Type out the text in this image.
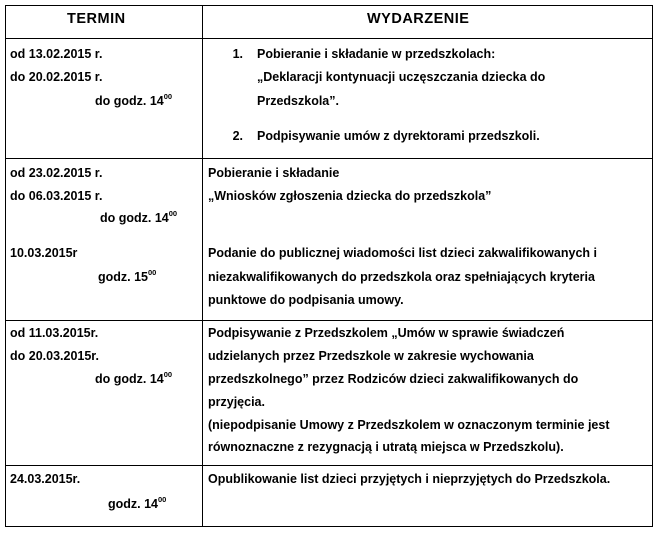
TERMIN	WYDARZENIE
od 13.02.2015 r.
do 20.02.2015 r.
do godz. $14^{00}$
1. Pobieranie i składanie w przedszkolach:
„Deklaracji kontynuacji uczęszczania dziecka do
Przedszkola”.
2. Podpisywanie umów z dyrektorami przedszkoli.
od 23.02.2015 r.
do 06.03.2015 r.
do godz. $14^{00}$
10.03.2015r
godz. $15^{00}$
Pobieranie i składanie
„Wniosków zgłoszenia dziecka do przedszkola”
Podanie do publicznej wiadomości list dzieci zakwalifikowanych i
niezakwalifikowanych do przedszkola oraz spełniających kryteria
punktowe do podpisania umowy.
od 11.03.2015r.
do 20.03.2015r.
do godz. $14^{00}$
Podpisywanie z Przedszkolem „Umów w sprawie świadczeń
udzielanych przez Przedszkole w zakresie wychowania
przedszkolnego” przez Rodziców dzieci zakwalifikowanych do
przyjęcia.
(niepodpisanie Umowy z Przedszkolem w oznaczonym terminie jest
równoznaczne z rezygnacją i utratą miejsca w Przedszkolu).
24.03.2015r.
godz. $14^{00}$
Opublikowanie list dzieci przyjętych i nieprzyjętych do Przedszkola.
